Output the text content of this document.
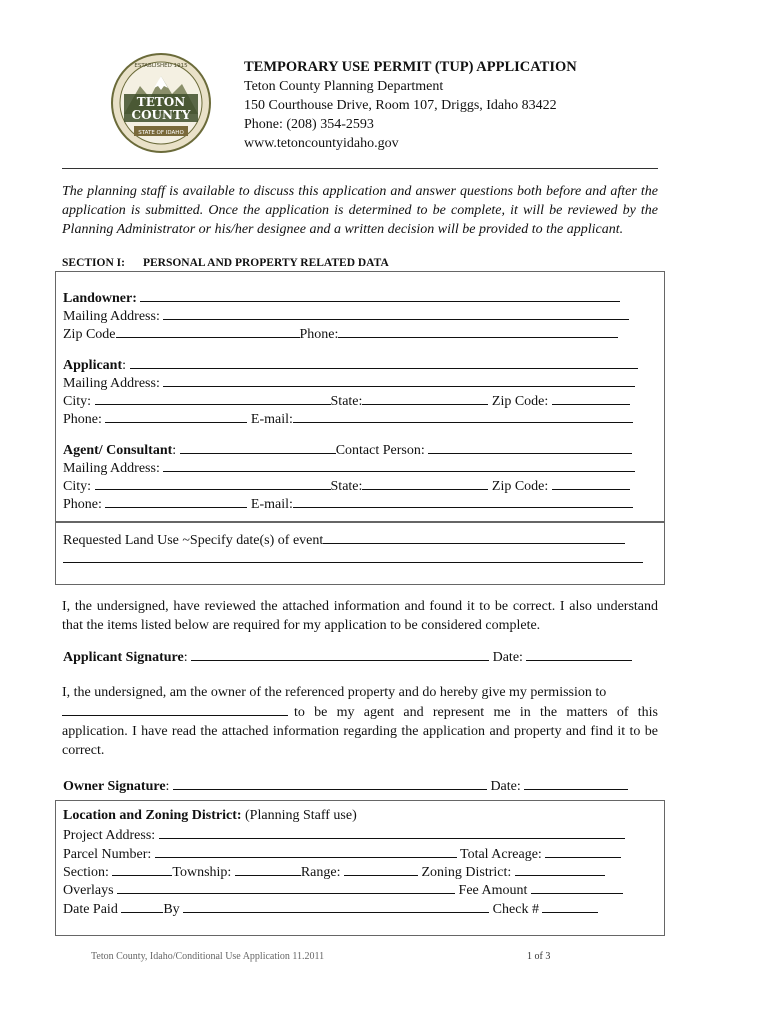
TETON
COUNTY
STATE OF IDAHO
ESTABLISHED 1915	TEMPORARY USE PERMIT (TUP) APPLICATION
Teton County Planning Department
150 Courthouse Drive, Room 107, Driggs, Idaho 83422
Phone: (208) 354-2593
www.tetoncountyidaho.gov
The planning staff is available to discuss this application and answer questions both before and after the application is submitted. Once the application is determined to be complete, it will be reviewed by the Planning Administrator or his/her designee and a written decision will be provided to the applicant.
SECTION I: PERSONAL AND PROPERTY RELATED DATA
Landowner:
Mailing Address:
Zip Code	Phone:
Applicant:
Mailing Address:
City:	State:	Zip Code:
Phone:	E-mail:
Agent/ Consultant:	Contact Person:
Mailing Address:
City:	State:	Zip Code:
Phone:	E-mail:
Requested Land Use ~Specify date(s) of event
I, the undersigned, have reviewed the attached information and found it to be correct. I also understand that the items listed below are required for my application to be considered complete.
Applicant Signature:	Date:
I, the undersigned, am the owner of the referenced property and do hereby give my permission to
to be my agent and represent me in the matters of this
application. I have read the attached information regarding the application and property and find it to be correct.
Owner Signature:	Date:
Location and Zoning District: (Planning Staff use)
Project Address:
Parcel Number:	Total Acreage:
Section:	Township:	Range:	Zoning District:
Overlays	Fee Amount
Date Paid	By	Check #
Teton County, Idaho/Conditional Use Application 11.2011	1 of 3
